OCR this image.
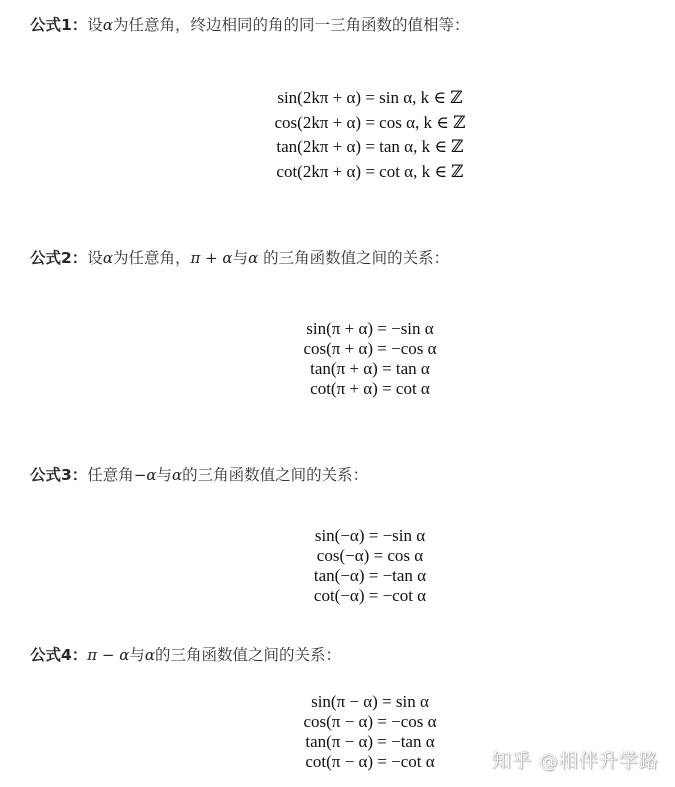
公式1：设α为任意角，终边相同的角的同一三角函数的值相等：
sin(2kπ + α) = sin α, k ∈ ℤ
cos(2kπ + α) = cos α, k ∈ ℤ
tan(2kπ + α) = tan α, k ∈ ℤ
cot(2kπ + α) = cot α, k ∈ ℤ
公式2：设α为任意角，π + α与α 的三角函数值之间的关系：
sin(π + α) = −sin α
cos(π + α) = −cos α
tan(π + α) = tan α
cot(π + α) = cot α
公式3：任意角−α与α的三角函数值之间的关系：
sin(−α) = −sin α
cos(−α) = cos α
tan(−α) = −tan α
cot(−α) = −cot α
公式4：π − α与α的三角函数值之间的关系：
sin(π − α) = sin α
cos(π − α) = −cos α
tan(π − α) = −tan α
cot(π − α) = −cot α	知乎 @相伴升学路
